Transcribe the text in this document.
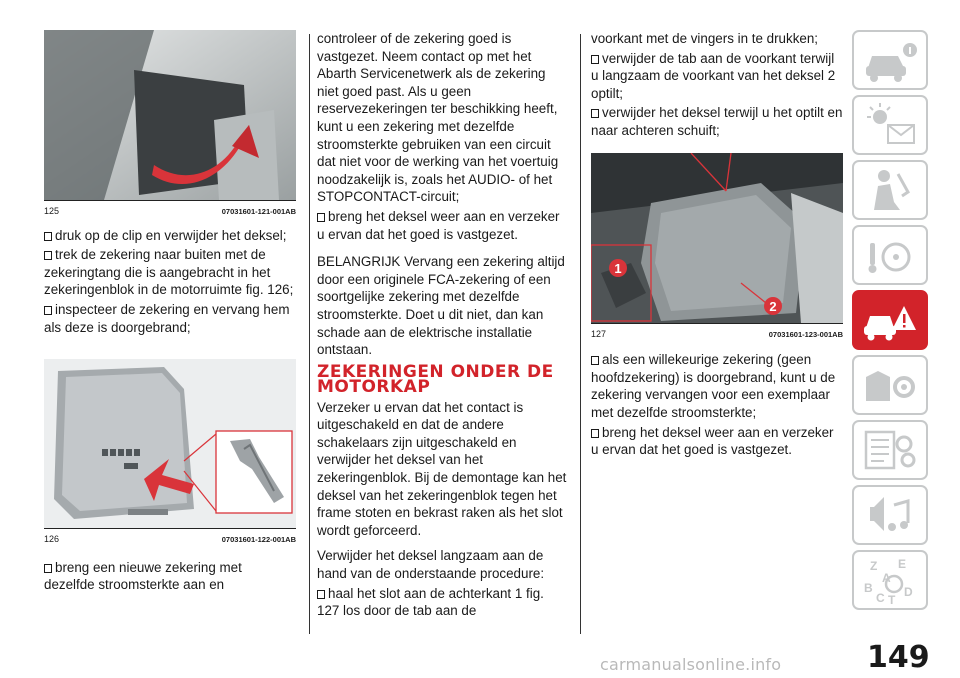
125	07031601-121-001AB

druk op de clip en verwijder het deksel;

trek de zekering naar buiten met de zekeringtang die is aangebracht in het zekeringenblok in de motorruimte fig. 126;

inspecteer de zekering en vervang hem als deze is doorgebrand;

126	07031601-122-001AB

breng een nieuwe zekering met dezelfde stroomsterkte aan en

controleer of de zekering goed is vastgezet. Neem contact op met het Abarth Servicenetwerk als de zekering niet goed past. Als u geen reservezekeringen ter beschikking heeft, kunt u een zekering met dezelfde stroomsterkte gebruiken van een circuit dat niet voor de werking van het voertuig noodzakelijk is, zoals het AUDIO- of het STOPCONTACT-circuit;

breng het deksel weer aan en verzeker u ervan dat het goed is vastgezet.

BELANGRIJK Vervang een zekering altijd door een originele FCA-zekering of een soortgelijke zekering met dezelfde stroomsterkte. Doet u dit niet, dan kan schade aan de elektrische installatie ontstaan.

ZEKERINGEN ONDER DE MOTORKAP

Verzeker u ervan dat het contact is uitgeschakeld en dat de andere schakelaars zijn uitgeschakeld en verwijder het deksel van het zekeringenblok. Bij de demontage kan het deksel van het zekeringenblok tegen het frame stoten en bekrast raken als het slot wordt geforceerd.

Verwijder het deksel langzaam aan de hand van de onderstaande procedure:

haal het slot aan de achterkant 1 fig. 127 los door de tab aan de

voorkant met de vingers in te drukken;

verwijder de tab aan de voorkant terwijl u langzaam de voorkant van het deksel 2 optilt;

verwijder het deksel terwijl u het optilt en naar achteren schuift;

1
2
127	07031601-123-001AB

als een willekeurige zekering (geen hoofdzekering) is doorgebrand, kunt u de zekering vervangen voor een exemplaar met dezelfde stroomsterkte;

breng het deksel weer aan en verzeker u ervan dat het goed is vastgezet.

Z E
A
B
C D
T
149
carmanualsonline.info
